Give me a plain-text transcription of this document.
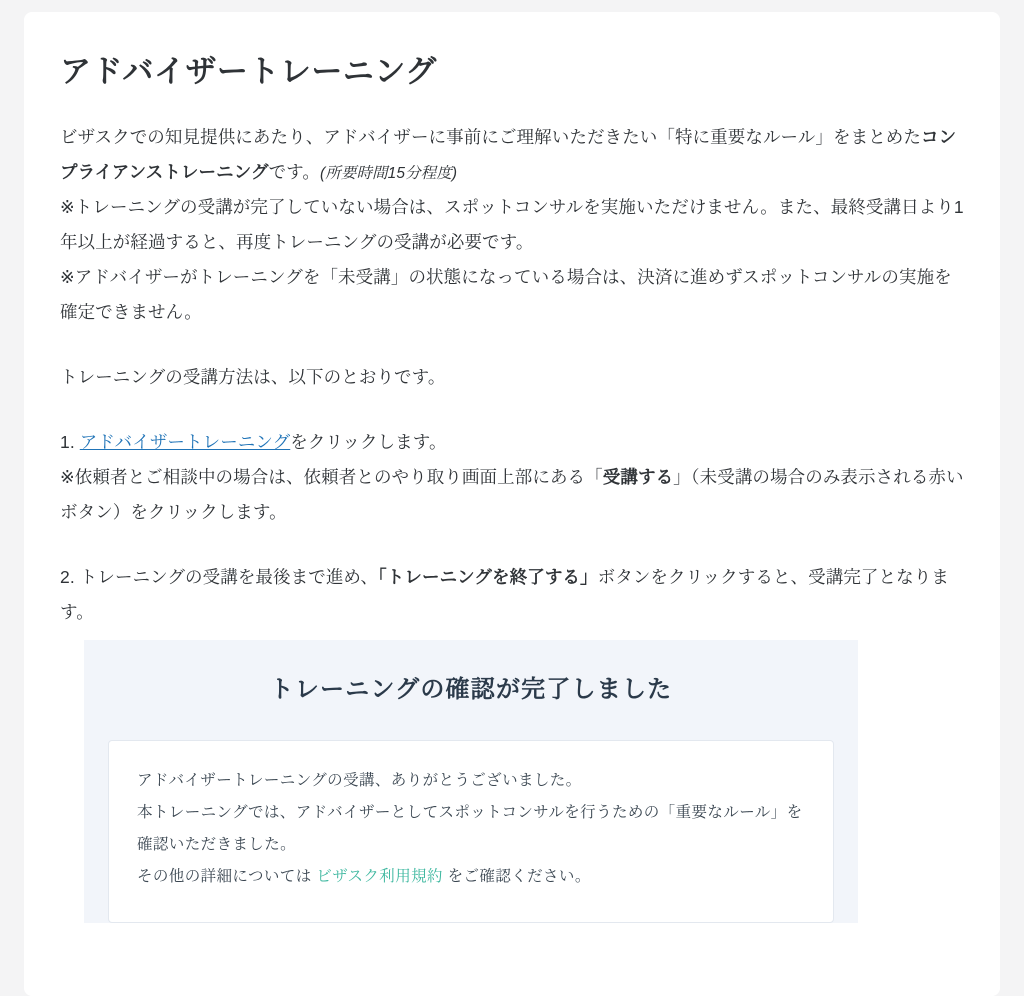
アドバイザートレーニング

ビザスクでの知見提供にあたり、アドバイザーに事前にご理解いただきたい「特に重要なルール」をまとめたコンプライアンストレーニングです。(所要時間15分程度)

※トレーニングの受講が完了していない場合は、スポットコンサルを実施いただけません。また、最終受講日より1年以上が経過すると、再度トレーニングの受講が必要です。

※アドバイザーがトレーニングを「未受講」の状態になっている場合は、決済に進めずスポットコンサルの実施を確定できません。

トレーニングの受講方法は、以下のとおりです。

1. アドバイザートレーニングをクリックします。

※依頼者とご相談中の場合は、依頼者とのやり取り画面上部にある「受講する」（未受講の場合のみ表示される赤いボタン）をクリックします。

2. トレーニングの受講を最後まで進め、「トレーニングを終了する」ボタンをクリックすると、受講完了となります。

トレーニングの確認が完了しました

アドバイザートレーニングの受講、ありがとうございました。

本トレーニングでは、アドバイザーとしてスポットコンサルを行うための「重要なルール」を確認いただきました。

その他の詳細については ビザスク利用規約 をご確認ください。
